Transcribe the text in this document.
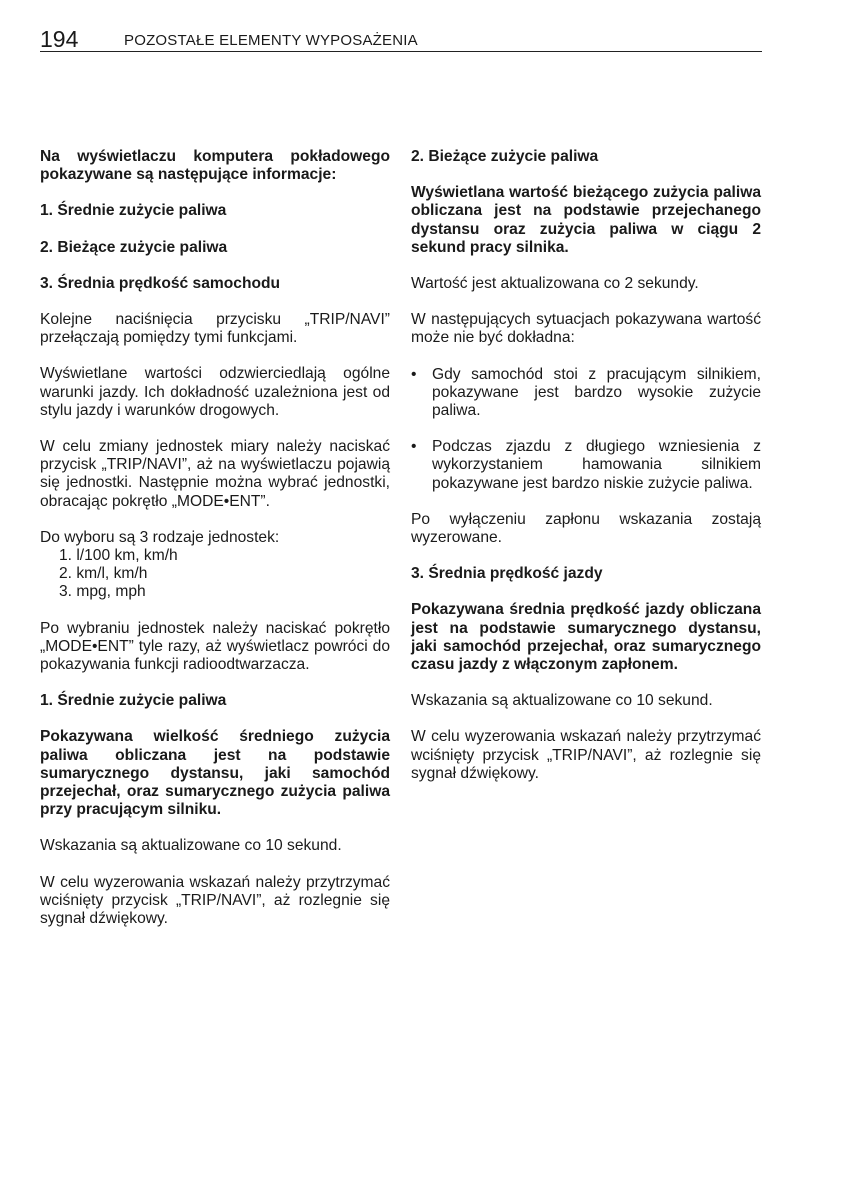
194	POZOSTAŁE ELEMENTY WYPOSAŻENIA

Na wyświetlaczu komputera pokładowego pokazywane są następujące informacje:

1. Średnie zużycie paliwa

2. Bieżące zużycie paliwa

3. Średnia prędkość samochodu

Kolejne naciśnięcia przycisku „TRIP/NAVI” przełączają pomiędzy tymi funkcjami.

Wyświetlane wartości odzwierciedlają ogólne warunki jazdy. Ich dokładność uzależniona jest od stylu jazdy i warunków drogowych.

W celu zmiany jednostek miary należy naciskać przycisk „TRIP/NAVI”, aż na wyświetlaczu pojawią się jednostki. Następnie można wybrać jednostki, obracając pokrętło „MODE•ENT”.

Do wyboru są 3 rodzaje jednostek:

1. l/100 km, km/h
2. km/l, km/h
3. mpg, mph

Po wybraniu jednostek należy naciskać pokrętło „MODE•ENT” tyle razy, aż wyświetlacz powróci do pokazywania funkcji radioodtwarzacza.

1. Średnie zużycie paliwa

Pokazywana wielkość średniego zużycia paliwa obliczana jest na podstawie sumarycznego dystansu, jaki samochód przejechał, oraz sumarycznego zużycia paliwa przy pracującym silniku.

Wskazania są aktualizowane co 10 sekund.

W celu wyzerowania wskazań należy przytrzymać wciśnięty przycisk „TRIP/NAVI”, aż rozlegnie się sygnał dźwiękowy.

2. Bieżące zużycie paliwa

Wyświetlana wartość bieżącego zużycia paliwa obliczana jest na podstawie przejechanego dystansu oraz zużycia paliwa w ciągu 2 sekund pracy silnika.

Wartość jest aktualizowana co 2 sekundy.

W następujących sytuacjach pokazywana wartość może nie być dokładna:

• Gdy samochód stoi z pracującym silnikiem, pokazywane jest bardzo wysokie zużycie paliwa.
• Podczas zjazdu z długiego wzniesienia z wykorzystaniem hamowania silnikiem pokazywane jest bardzo niskie zużycie paliwa.

Po wyłączeniu zapłonu wskazania zostają wyzerowane.

3. Średnia prędkość jazdy

Pokazywana średnia prędkość jazdy obliczana jest na podstawie sumarycznego dystansu, jaki samochód przejechał, oraz sumarycznego czasu jazdy z włączonym zapłonem.

Wskazania są aktualizowane co 10 sekund.

W celu wyzerowania wskazań należy przytrzymać wciśnięty przycisk „TRIP/NAVI”, aż rozlegnie się sygnał dźwiękowy.
